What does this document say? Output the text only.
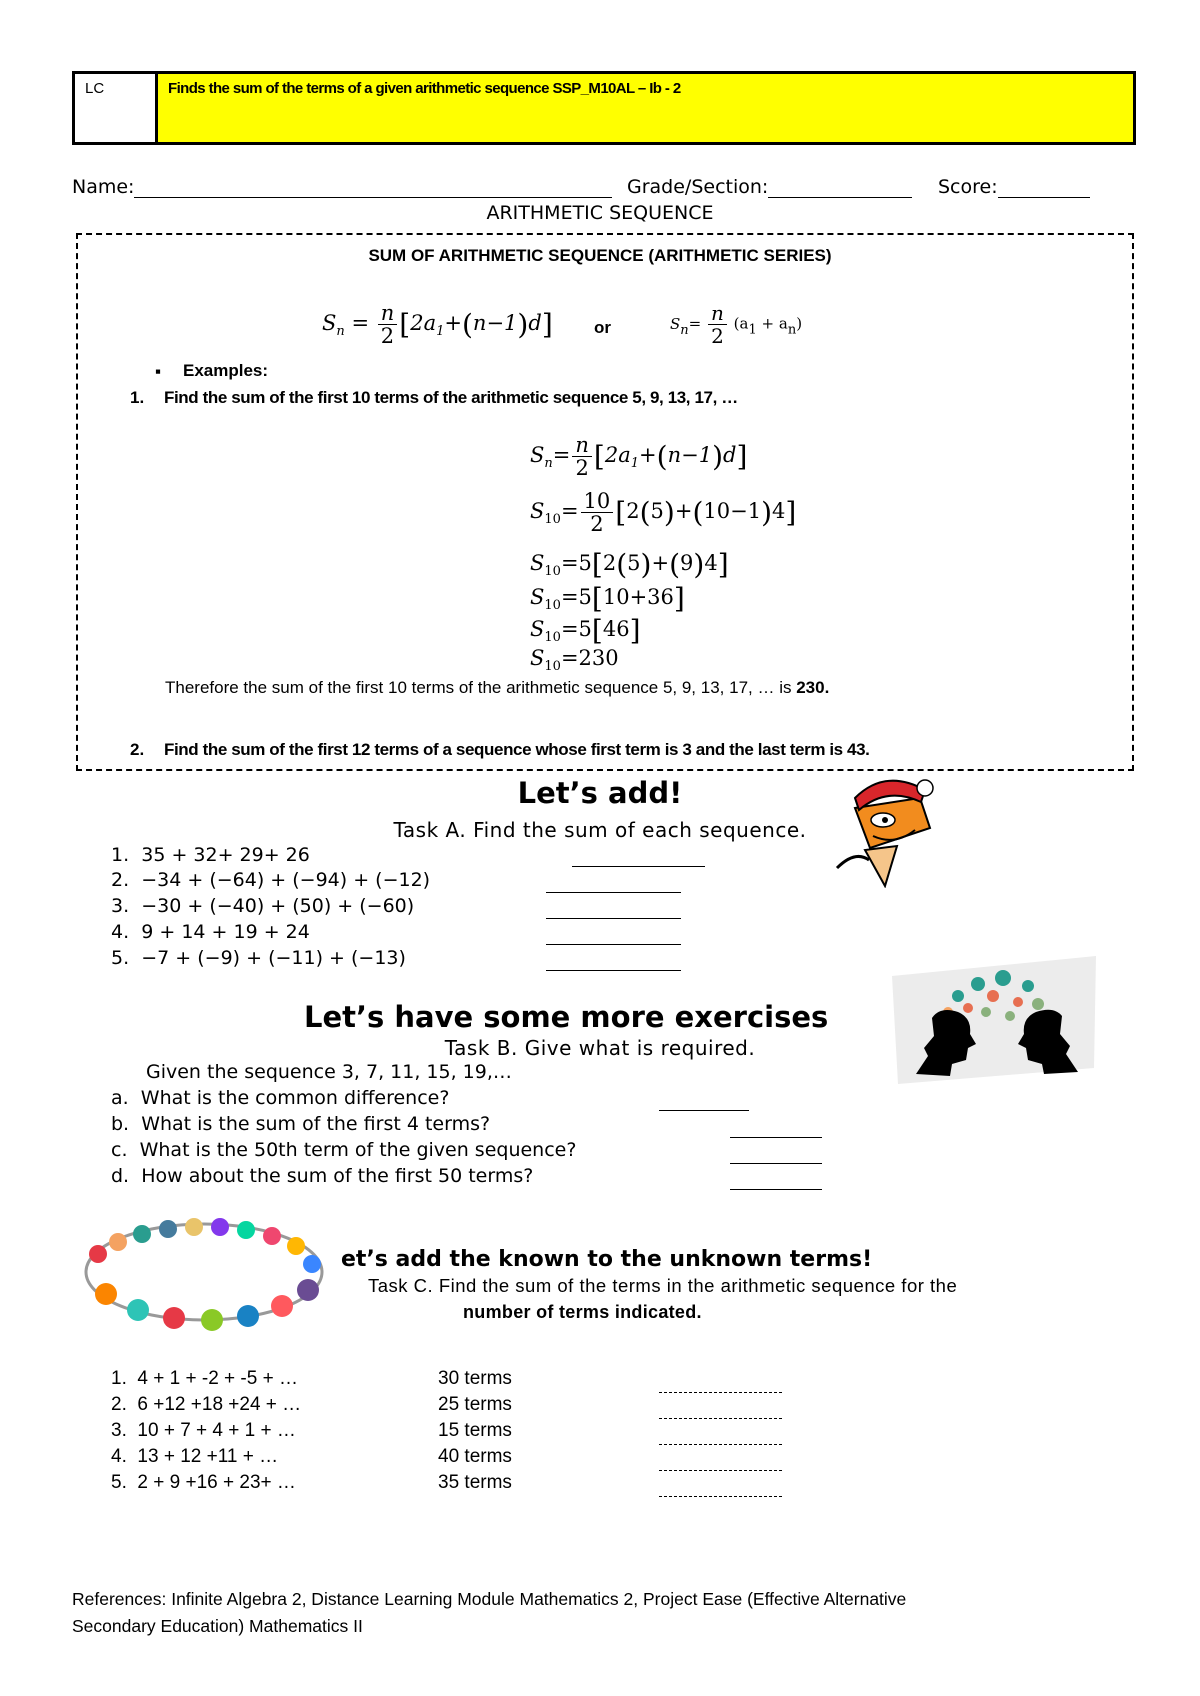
LC	Finds the sum of the terms of a given arithmetic sequence SSP_M10AL – Ib - 2
Name:	Grade/Section:	Score:
ARITHMETIC SEQUENCE
SUM OF ARITHMETIC SEQUENCE (ARITHMETIC SERIES)
$S_n = \frac{n}{2} [2a_1+(n-1)d]$ or	$Sn= \frac{n}{2} (a1 + an)$
▪ Examples:
1. Find the sum of the first 10 terms of the arithmetic sequence 5, 9, 13, 17, …
$S_n= \frac{n}{2} [2a_1+(n-1)d]$
$S_{10}= \frac{10}{2} [2(5)+(10-1)4]$
$S_{10}=5[2(5)+(9)4]$
$S_{10}=5[10+36]$
$S_{10}=5[46]$
$S_{10}=230$
Therefore the sum of the first 10 terms of the arithmetic sequence 5, 9, 13, 17, … is 230.
2. Find the sum of the first 12 terms of a sequence whose first term is 3 and the last term is 43.
Let’s add!
Task A. Find the sum of each sequence.
1. 35 + 32+ 29+ 26
2. −34 + (−64) + (−94) + (−12)
3. −30 + (−40) + (50) + (−60)
4. 9 + 14 + 19 + 24
5. −7 + (−9) + (−11) + (−13)
Let’s have some more exercises
Task B. Give what is required.
Given the sequence 3, 7, 11, 15, 19,…
a. What is the common difference?
b. What is the sum of the first 4 terms?
c. What is the 50th term of the given sequence?
d. How about the sum of the first 50 terms?
et’s add the known to the unknown terms!
Task C. Find the sum of the terms in the arithmetic sequence for the
number of terms indicated.
1. 4 + 1 + -2 + -5 + …	30 terms
2. 6 +12 +18 +24 + …	25 terms
3. 10 + 7 + 4 + 1 + …	15 terms
4. 13 + 12 +11 + …	40 terms
5. 2 + 9 +16 + 23+ …	35 terms
References: Infinite Algebra 2, Distance Learning Module Mathematics 2, Project Ease (Effective Alternative
Secondary Education) Mathematics II
